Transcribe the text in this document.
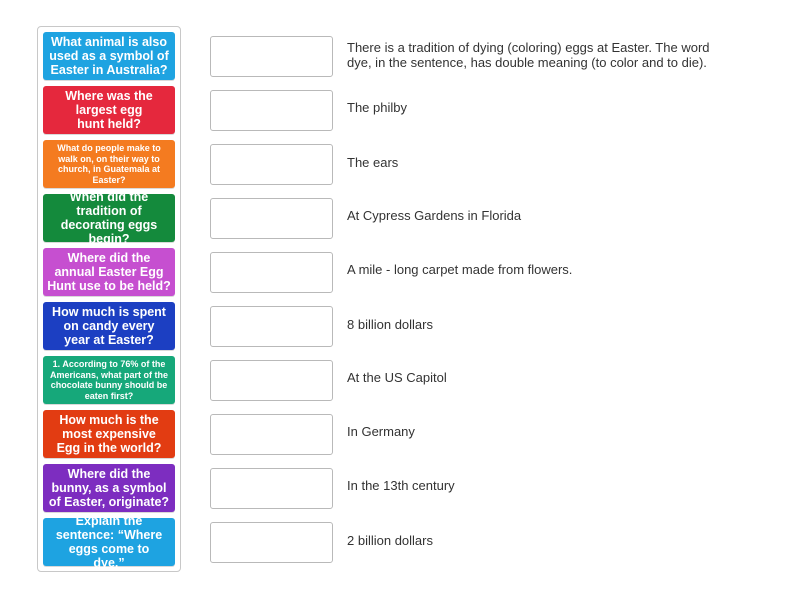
What animal is also used as a symbol of Easter in Australia?
Where was the largest egg hunt held?
What do people make to walk on, on their way to church, in Guatemala at Easter?
When did the tradition of decorating eggs begin?
Where did the annual Easter Egg Hunt use to be held?
How much is spent on candy every year at Easter?
1. According to 76% of the Americans, what part of the chocolate bunny should be eaten first?
How much is the most expensive Egg in the world?
Where did the bunny, as a symbol of Easter, originate?
Explain the sentence: “Where eggs come to dye.”
There is a tradition of dying (coloring) eggs at Easter. The word dye, in the sentence, has double meaning (to color and to die).
The philby
The ears
At Cypress Gardens in Florida
A mile - long carpet made from flowers.
8 billion dollars
At the US Capitol
In Germany
In the 13th century
2 billion dollars
